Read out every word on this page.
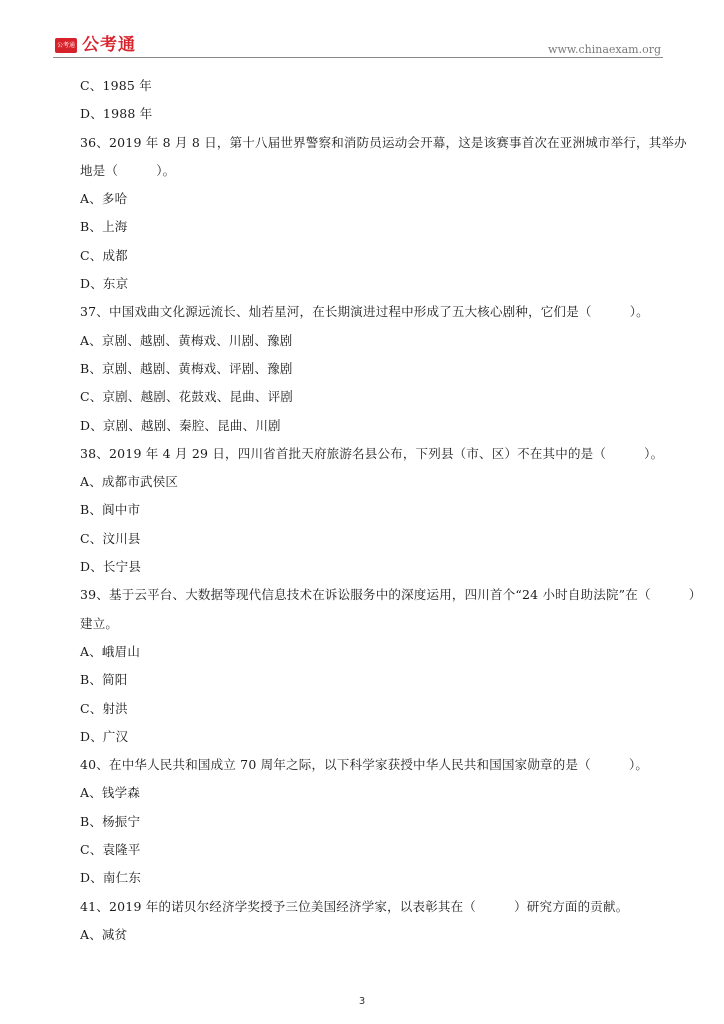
公考通 公考通	www.chinaexam.org
C、1985 年
D、1988 年
36、2019 年 8 月 8 日，第十八届世界警察和消防员运动会开幕，这是该赛事首次在亚洲城市举行，其举办
地是（　　　）。
A、多哈
B、上海
C、成都
D、东京
37、中国戏曲文化源远流长、灿若星河，在长期演进过程中形成了五大核心剧种，它们是（　　　）。
A、京剧、越剧、黄梅戏、川剧、豫剧
B、京剧、越剧、黄梅戏、评剧、豫剧
C、京剧、越剧、花鼓戏、昆曲、评剧
D、京剧、越剧、秦腔、昆曲、川剧
38、2019 年 4 月 29 日，四川省首批天府旅游名县公布，下列县（市、区）不在其中的是（　　　）。
A、成都市武侯区
B、阆中市
C、汶川县
D、长宁县
39、基于云平台、大数据等现代信息技术在诉讼服务中的深度运用，四川首个“24 小时自助法院”在（　　　）
建立。
A、峨眉山
B、简阳
C、射洪
D、广汉
40、在中华人民共和国成立 70 周年之际，以下科学家获授中华人民共和国国家勋章的是（　　　）。
A、钱学森
B、杨振宁
C、袁隆平
D、南仁东
41、2019 年的诺贝尔经济学奖授予三位美国经济学家，以表彰其在（　　　）研究方面的贡献。
A、减贫
3
